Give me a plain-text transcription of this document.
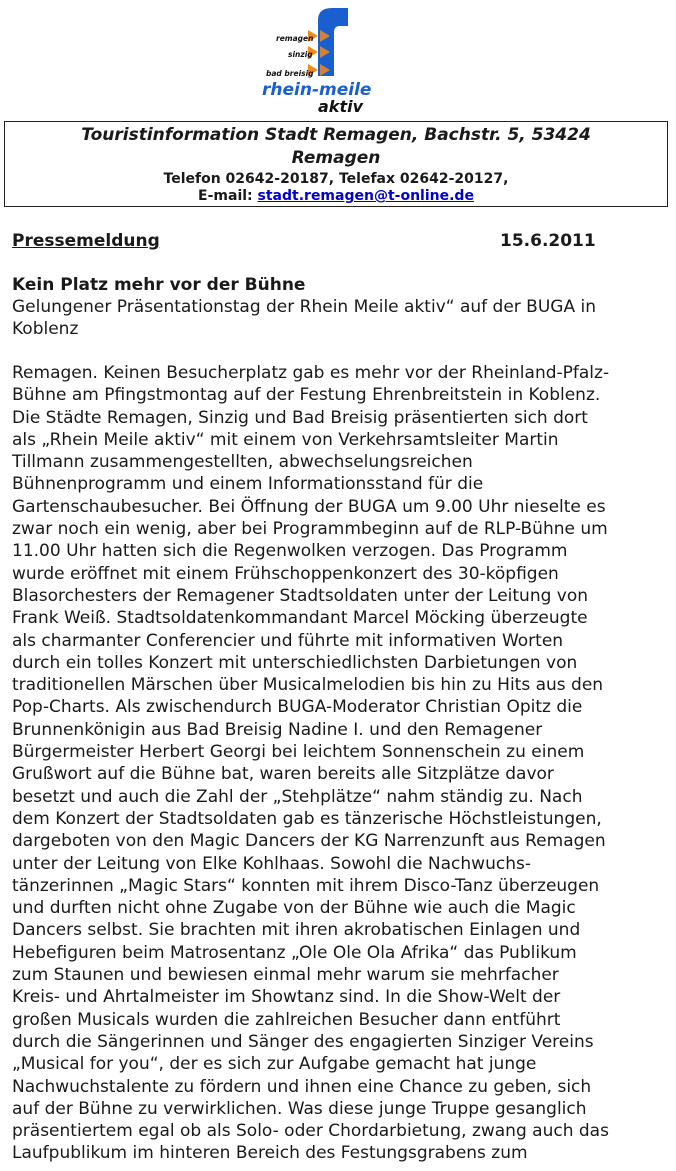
remagen
sinzig
bad breisig
rhein-meile
aktiv
Touristinformation Stadt Remagen, Bachstr. 5, 53424
Remagen
Telefon 02642-20187, Telefax 02642-20127,
E-mail: stadt.remagen@t-online.de
Pressemeldung	15.6.2011
Kein Platz mehr vor der Bühne
Gelungener Präsentationstag der Rhein Meile aktiv“ auf der BUGA in Koblenz
Remagen. Keinen Besucherplatz gab es mehr vor der Rheinland-Pfalz-
Bühne am Pfingstmontag auf der Festung Ehrenbreitstein in Koblenz.
Die Städte Remagen, Sinzig und Bad Breisig präsentierten sich dort
als „Rhein Meile aktiv“ mit einem von Verkehrsamtsleiter Martin
Tillmann zusammengestellten, abwechselungsreichen
Bühnenprogramm und einem Informationsstand für die
Gartenschaubesucher. Bei Öffnung der BUGA um 9.00 Uhr nieselte es
zwar noch ein wenig, aber bei Programmbeginn auf de RLP-Bühne um
11.00 Uhr hatten sich die Regenwolken verzogen. Das Programm
wurde eröffnet mit einem Frühschoppenkonzert des 30-köpfigen
Blasorchesters der Remagener Stadtsoldaten unter der Leitung von
Frank Weiß. Stadtsoldatenkommandant Marcel Möcking überzeugte
als charmanter Conferencier und führte mit informativen Worten
durch ein tolles Konzert mit unterschiedlichsten Darbietungen von
traditionellen Märschen über Musicalmelodien bis hin zu Hits aus den
Pop-Charts. Als zwischendurch BUGA-Moderator Christian Opitz die
Brunnenkönigin aus Bad Breisig Nadine I. und den Remagener
Bürgermeister Herbert Georgi bei leichtem Sonnenschein zu einem
Grußwort auf die Bühne bat, waren bereits alle Sitzplätze davor
besetzt und auch die Zahl der „Stehplätze“ nahm ständig zu. Nach
dem Konzert der Stadtsoldaten gab es tänzerische Höchstleistungen,
dargeboten von den Magic Dancers der KG Narrenzunft aus Remagen
unter der Leitung von Elke Kohlhaas. Sowohl die Nachwuchs-
tänzerinnen „Magic Stars“ konnten mit ihrem Disco-Tanz überzeugen
und durften nicht ohne Zugabe von der Bühne wie auch die Magic
Dancers selbst. Sie brachten mit ihren akrobatischen Einlagen und
Hebefiguren beim Matrosentanz „Ole Ole Ola Afrika“ das Publikum
zum Staunen und bewiesen einmal mehr warum sie mehrfacher
Kreis- und Ahrtalmeister im Showtanz sind. In die Show-Welt der
großen Musicals wurden die zahlreichen Besucher dann entführt
durch die Sängerinnen und Sänger des engagierten Sinziger Vereins
„Musical for you“, der es sich zur Aufgabe gemacht hat junge
Nachwuchstalente zu fördern und ihnen eine Chance zu geben, sich
auf der Bühne zu verwirklichen. Was diese junge Truppe gesanglich
präsentiertem egal ob als Solo- oder Chordarbietung, zwang auch das
Laufpublikum im hinteren Bereich des Festungsgrabens zum
